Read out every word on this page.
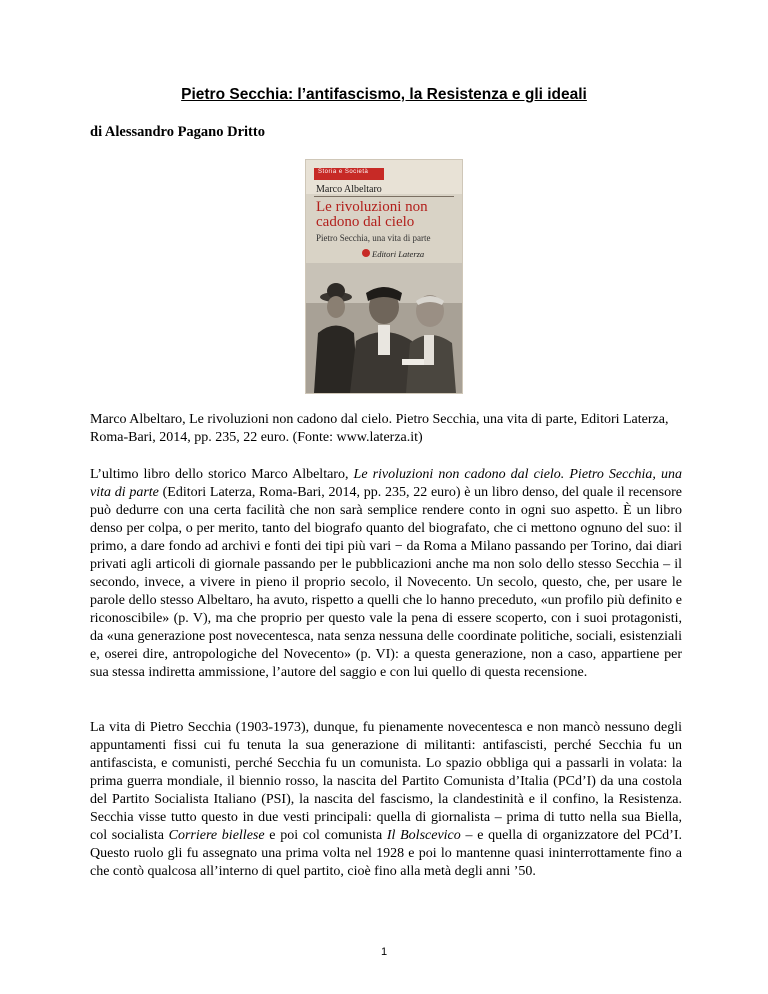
Pietro Secchia: l’antifascismo, la Resistenza e gli ideali
di Alessandro Pagano Dritto
Storia e Società
Marco Albeltaro
Le rivoluzioni non cadono dal cielo
Pietro Secchia, una vita di parte
Editori Laterza
Marco Albeltaro, Le rivoluzioni non cadono dal cielo. Pietro Secchia, una vita di parte, Editori Laterza, Roma-Bari, 2014, pp. 235, 22 euro. (Fonte: www.laterza.it)

L’ultimo libro dello storico Marco Albeltaro, Le rivoluzioni non cadono dal cielo. Pietro Secchia, una vita di parte (Editori Laterza, Roma-Bari, 2014, pp. 235, 22 euro) è un libro denso, del quale il recensore può dedurre con una certa facilità che non sarà semplice rendere conto in ogni suo aspetto. È un libro denso per colpa, o per merito, tanto del biografo quanto del biografato, che ci mettono ognuno del suo: il primo, a dare fondo ad archivi e fonti dei tipi più vari − da Roma a Milano passando per Torino, dai diari privati agli articoli di giornale passando per le pubblicazioni anche ma non solo dello stesso Secchia – il secondo, invece, a vivere in pieno il proprio secolo, il Novecento. Un secolo, questo, che, per usare le parole dello stesso Albeltaro, ha avuto, rispetto a quelli che lo hanno preceduto, «un profilo più definito e riconoscibile» (p. V), ma che proprio per questo vale la pena di essere scoperto, con i suoi protagonisti, da «una generazione post novecentesca, nata senza nessuna delle coordinate politiche, sociali, esistenziali e, oserei dire, antropologiche del Novecento» (p. VI): a questa generazione, non a caso, appartiene per sua stessa indiretta ammissione, l’autore del saggio e con lui quello di questa recensione.

La vita di Pietro Secchia (1903-1973), dunque, fu pienamente novecentesca e non mancò nessuno degli appuntamenti fissi cui fu tenuta la sua generazione di militanti: antifascisti, perché Secchia fu un antifascista, e comunisti, perché Secchia fu un comunista. Lo spazio obbliga qui a passarli in volata: la prima guerra mondiale, il biennio rosso, la nascita del Partito Comunista d’Italia (PCd’I) da una costola del Partito Socialista Italiano (PSI), la nascita del fascismo, la clandestinità e il confino, la Resistenza. Secchia visse tutto questo in due vesti principali: quella di giornalista – prima di tutto nella sua Biella, col socialista Corriere biellese e poi col comunista Il Bolscevico – e quella di organizzatore del PCd’I. Questo ruolo gli fu assegnato una prima volta nel 1928 e poi lo mantenne quasi ininterrottamente fino a che contò qualcosa all’interno di quel partito, cioè fino alla metà degli anni ’50.

1
